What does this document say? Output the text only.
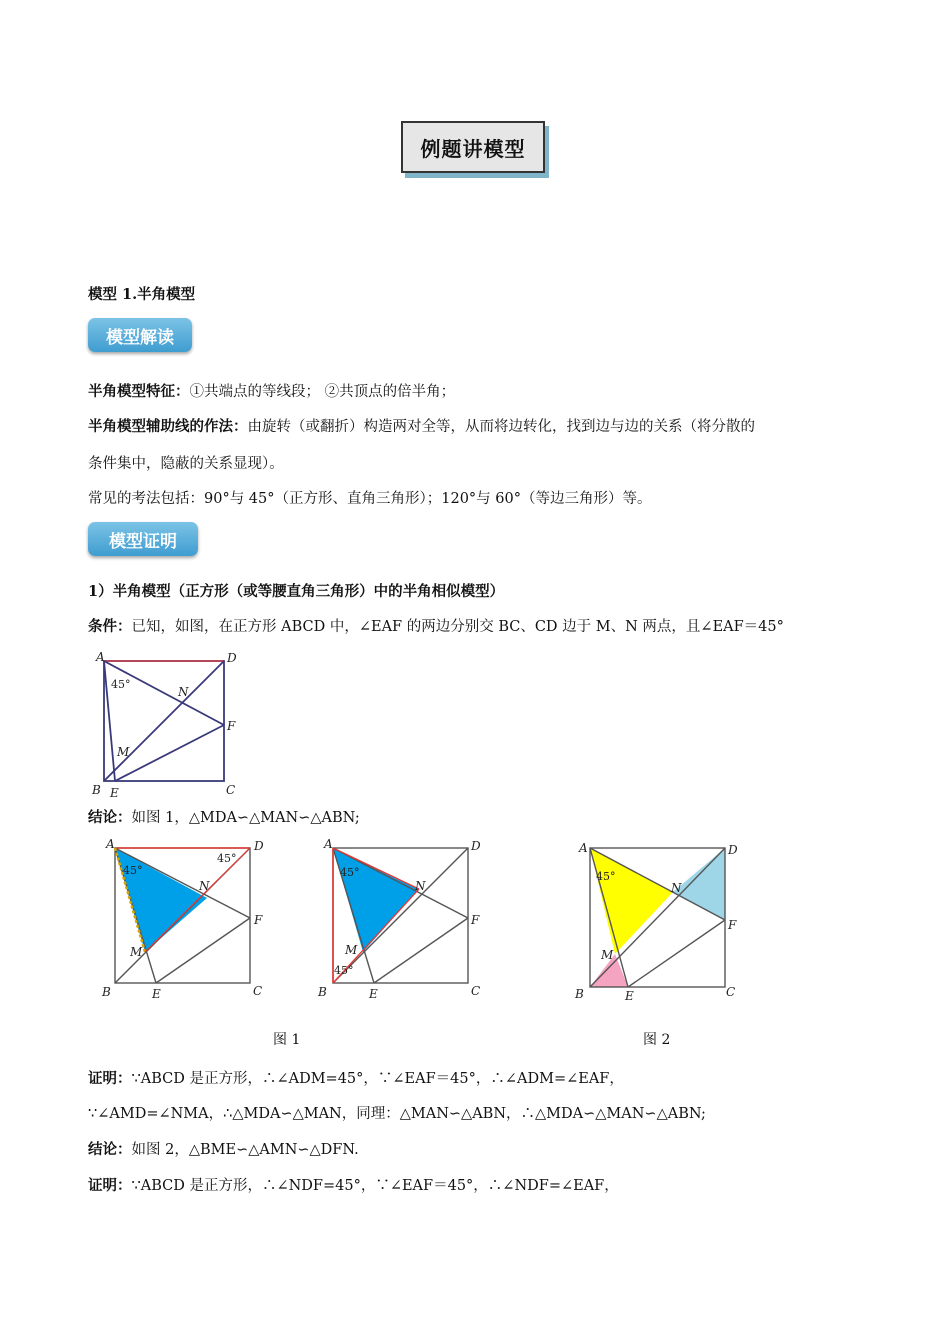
例题讲模型
模型 1.半角模型
模型解读
半角模型特征：①共端点的等线段； ②共顶点的倍半角；
半角模型辅助线的作法：由旋转（或翻折）构造两对全等，从而将边转化，找到边与边的关系（将分散的
条件集中，隐蔽的关系显现）。
常见的考法包括：90°与 45°（正方形、直角三角形）；120°与 60°（等边三角形）等。
模型证明
1）半角模型（正方形（或等腰直角三角形）中的半角相似模型）
条件：已知，如图，在正方形 ABCD 中，∠EAF 的两边分别交 BC、CD 边于 M、N 两点，且∠EAF＝45°
A	D
B	C
E
F
M
N
45°
结论：如图 1，△MDA∽△MAN∽△ABN;
A	D
B	C
E
F
M
N
45°
45°
A	D
B	C
E
F
M
N
45°
45°
A	D
B	C
E
F
M
N
45°
图 1	图 2
证明：∵ABCD 是正方形，∴∠ADM=45°，∵∠EAF＝45°，∴∠ADM=∠EAF，
∵∠AMD=∠NMA，∴△MDA∽△MAN，同理：△MAN∽△ABN，∴△MDA∽△MAN∽△ABN;
结论：如图 2，△BME∽△AMN∽△DFN.
证明：∵ABCD 是正方形，∴∠NDF=45°，∵∠EAF＝45°，∴∠NDF=∠EAF，
